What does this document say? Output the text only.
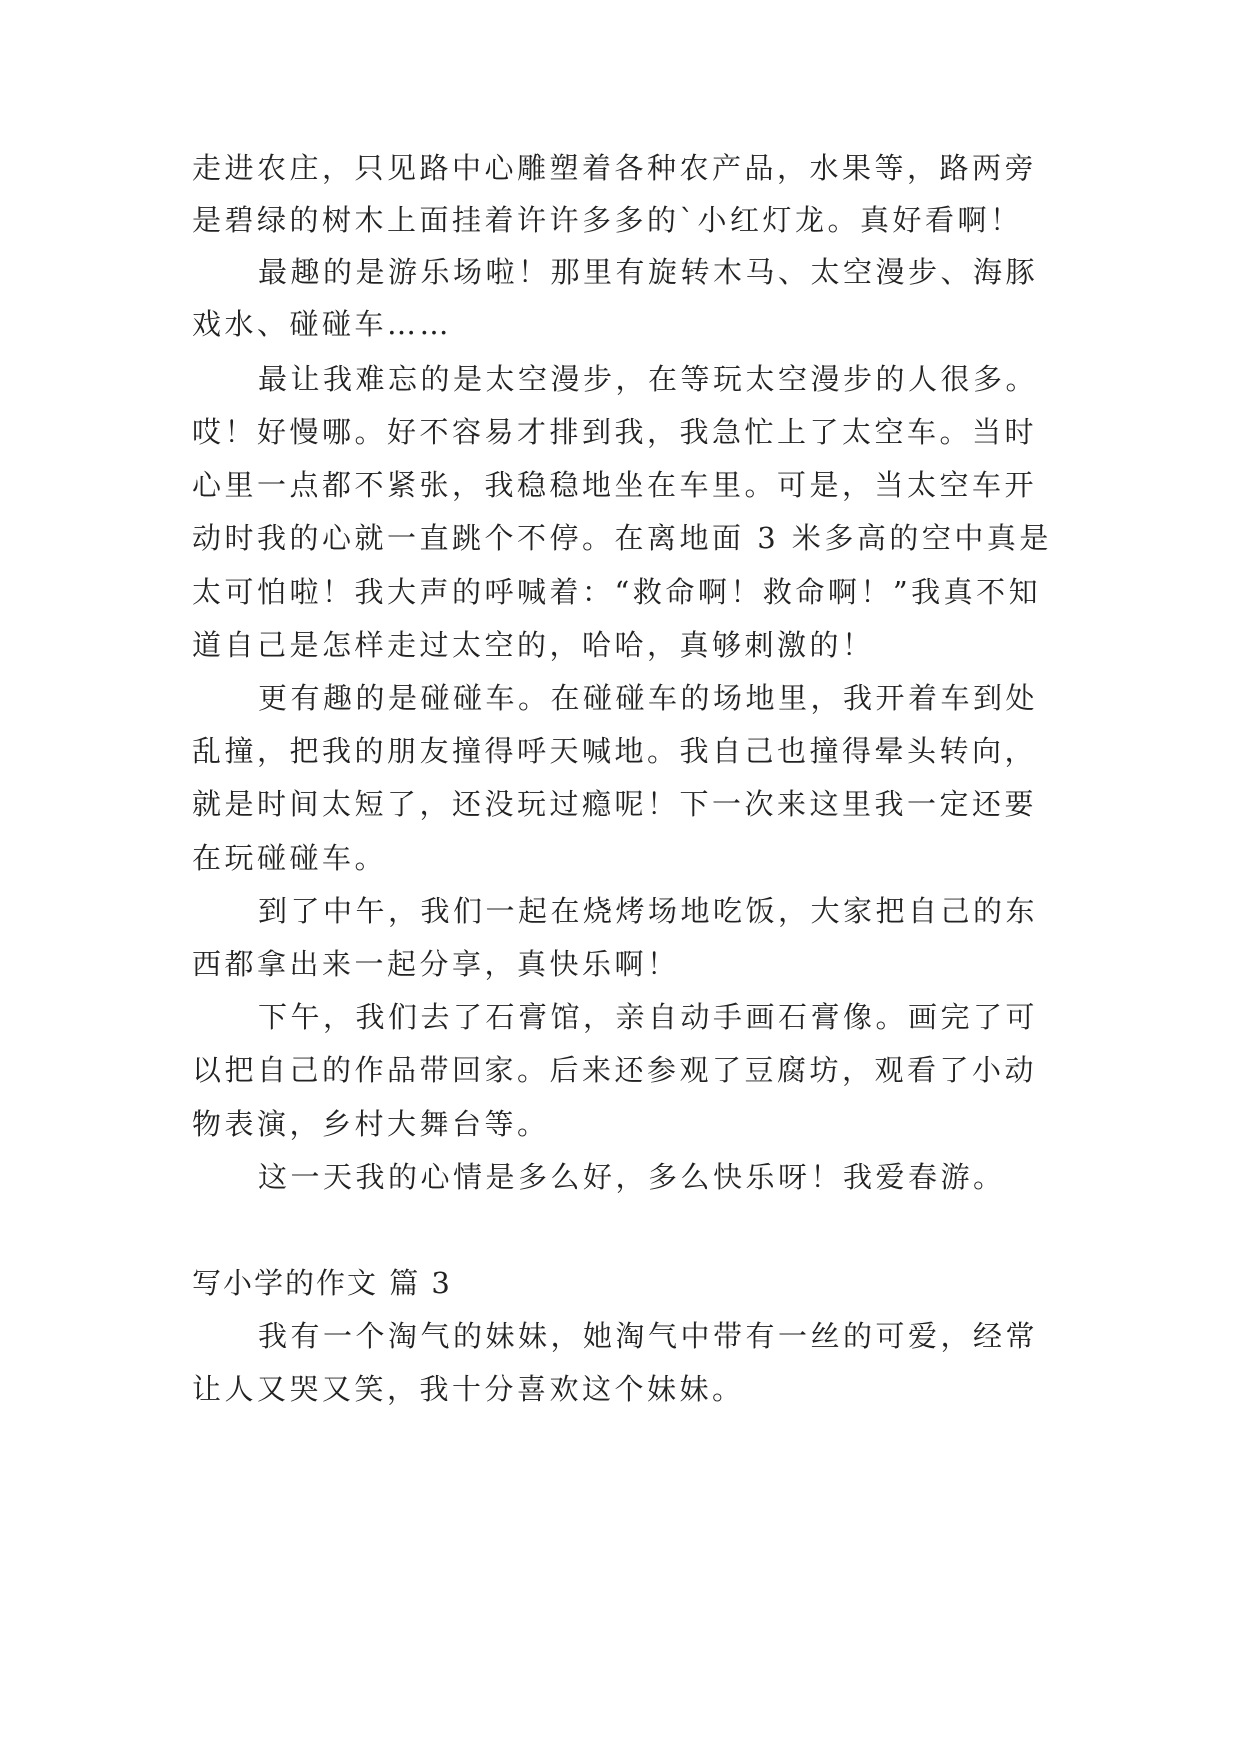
走进农庄，只见路中心雕塑着各种农产品，水果等，路两旁
是碧绿的树木上面挂着许许多多的`小红灯龙。真好看啊！
最趣的是游乐场啦！那里有旋转木马、太空漫步、海豚
戏水、碰碰车……
最让我难忘的是太空漫步，在等玩太空漫步的人很多。
哎！好慢哪。好不容易才排到我，我急忙上了太空车。当时
心里一点都不紧张，我稳稳地坐在车里。可是，当太空车开
动时我的心就一直跳个不停。在离地面 3 米多高的空中真是
太可怕啦！我大声的呼喊着：“救命啊！救命啊！”我真不知
道自己是怎样走过太空的，哈哈，真够刺激的！
更有趣的是碰碰车。在碰碰车的场地里，我开着车到处
乱撞，把我的朋友撞得呼天喊地。我自己也撞得晕头转向，
就是时间太短了，还没玩过瘾呢！下一次来这里我一定还要
在玩碰碰车。
到了中午，我们一起在烧烤场地吃饭，大家把自己的东
西都拿出来一起分享，真快乐啊！
下午，我们去了石膏馆，亲自动手画石膏像。画完了可
以把自己的作品带回家。后来还参观了豆腐坊，观看了小动
物表演，乡村大舞台等。
这一天我的心情是多么好，多么快乐呀！我爱春游。
写小学的作文 篇 3
我有一个淘气的妹妹，她淘气中带有一丝的可爱，经常
让人又哭又笑，我十分喜欢这个妹妹。
